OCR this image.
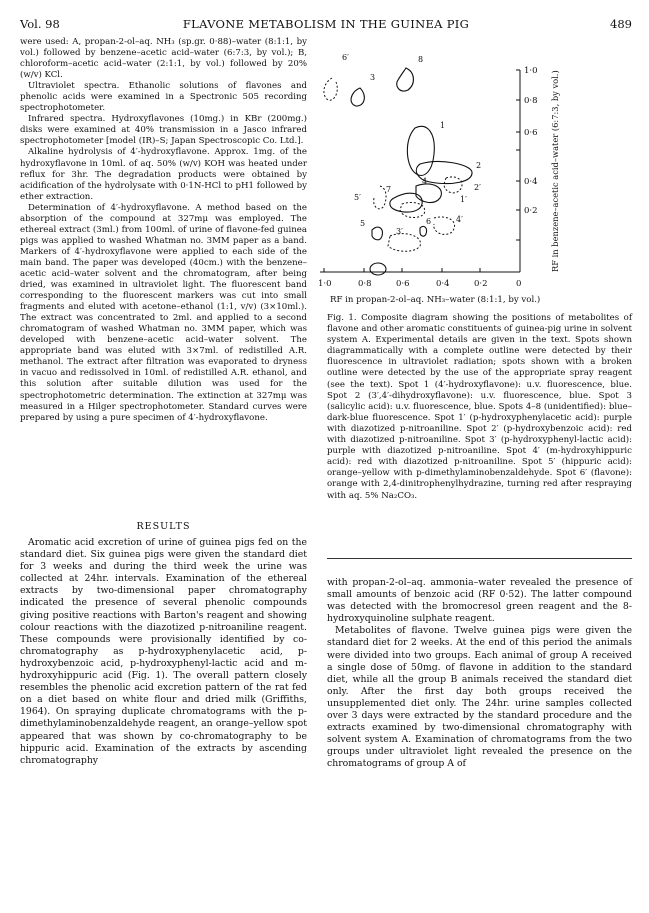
Vol. 98	FLAVONE METABOLISM IN THE GUINEA PIG	489

were used: A, propan-2-ol–aq. NH₃ (sp.gr. 0·88)–water (8:1:1, by vol.) followed by benzene–acetic acid–water (6:7:3, by vol.); B, chloroform–acetic acid–water (2:1:1, by vol.) followed by 20% (w/v) KCl.

Ultraviolet spectra. Ethanolic solutions of flavones and phenolic acids were examined in a Spectronic 505 recording spectrophotometer.

Infrared spectra. Hydroxyflavones (10mg.) in KBr (200mg.) disks were examined at 40% transmission in a Jasco infrared spectrophotometer [model (IR)–S; Japan Spectroscopic Co. Ltd.].

Alkaline hydrolysis of 4′-hydroxyflavone. Approx. 1mg. of the hydroxyflavone in 10ml. of aq. 50% (w/v) KOH was heated under reflux for 3hr. The degradation products were obtained by acidification of the hydrolysate with 0·1N-HCl to pH1 followed by ether extraction.

Determination of 4′-hydroxyflavone. A method based on the absorption of the compound at 327mμ was employed. The ethereal extract (3ml.) from 100ml. of urine of flavone-fed guinea pigs was applied to washed Whatman no. 3MM paper as a band. Markers of 4′-hydroxyflavone were applied to each side of the main band. The paper was developed (40cm.) with the benzene–acetic acid–water solvent and the chromatogram, after being dried, was examined in ultraviolet light. The fluorescent band corresponding to the fluorescent markers was cut into small fragments and eluted with acetone–ethanol (1:1, v/v) (3×10ml.). The extract was concentrated to 2ml. and applied to a second chromatogram of washed Whatman no. 3MM paper, which was developed with benzene–acetic acid–water solvent. The appropriate band was eluted with 3×7ml. of redistilled A.R. methanol. The extract after filtration was evaporated to dryness in vacuo and redissolved in 10ml. of redistilled A.R. ethanol, and this solution after suitable dilution was used for the spectrophotometric determination. The extinction at 327mμ was measured in a Hilger spectrophotometer. Standard curves were prepared by using a pure specimen of 4′-hydroxyflavone.

RESULTS

Aromatic acid excretion of urine of guinea pigs fed on the standard diet. Six guinea pigs were given the standard diet for 3 weeks and during the third week the urine was collected at 24hr. intervals. Examination of the ethereal extracts by two-dimensional paper chromatography indicated the presence of several phenolic compounds giving positive reactions with Barton's reagent and showing colour reactions with the diazotized p-nitroaniline reagent. These compounds were provisionally identified by co-chromatography as p-hydroxyphenylacetic acid, p-hydroxybenzoic acid, p-hydroxyphenyl-lactic acid and m-hydroxyhippuric acid (Fig. 1). The overall pattern closely resembles the phenolic acid excretion pattern of the rat fed on a diet based on white flour and dried milk (Griffiths, 1964). On spraying duplicate chromatograms with the p-dimethylaminobenzaldehyde reagent, an orange–yellow spot appeared that was shown by co-chromatography to be hippuric acid. Examination of the extracts by ascending chromatography

6′
3
8
1
2
2′
5′
7
4
1′
5
3′
6	4′
1·0
0·8
0·6
0·4
0·2
1·0	0·8	0·6	0·4	0·2	0
RF in propan-2-ol–aq. NH₃–water (8:1:1, by vol.)
RF in benzene–acetic acid–water (6:7:3, by vol.)

Fig. 1. Composite diagram showing the positions of metabolites of flavone and other aromatic constituents of guinea-pig urine in solvent system A. Experimental details are given in the text. Spots shown diagrammatically with a complete outline were detected by their fluorescence in ultraviolet radiation; spots shown with a broken outline were detected by the use of the appropriate spray reagent (see the text). Spot 1 (4′-hydroxyflavone): u.v. fluorescence, blue. Spot 2 (3′,4′-dihydroxyflavone): u.v. fluorescence, blue. Spot 3 (salicylic acid): u.v. fluorescence, blue. Spots 4–8 (unidentified): blue–dark-blue fluorescence. Spot 1′ (p-hydroxyphenylacetic acid): purple with diazotized p-nitroaniline. Spot 2′ (p-hydroxybenzoic acid): red with diazotized p-nitroaniline. Spot 3′ (p-hydroxyphenyl-lactic acid): purple with diazotized p-nitroaniline. Spot 4′ (m-hydroxyhippuric acid): red with diazotized p-nitroaniline. Spot 5′ (hippuric acid): orange–yellow with p-dimethylaminobenzaldehyde. Spot 6′ (flavone): orange with 2,4-dinitrophenylhydrazine, turning red after respraying with aq. 5% Na₂CO₃.

with propan-2-ol–aq. ammonia–water revealed the presence of small amounts of benzoic acid (RF 0·52). The latter compound was detected with the bromocresol green reagent and the 8-hydroxyquinoline sulphate reagent.

Metabolites of flavone. Twelve guinea pigs were given the standard diet for 2 weeks. At the end of this period the animals were divided into two groups. Each animal of group A received a single dose of 50mg. of flavone in addition to the standard diet, while all the group B animals received the standard diet only. After the first day both groups received the unsupplemented diet only. The 24hr. urine samples collected over 3 days were extracted by the standard procedure and the extracts examined by two-dimensional chromatography with solvent system A. Examination of chromatograms from the two groups under ultraviolet light revealed the presence on the chromatograms of group A of
